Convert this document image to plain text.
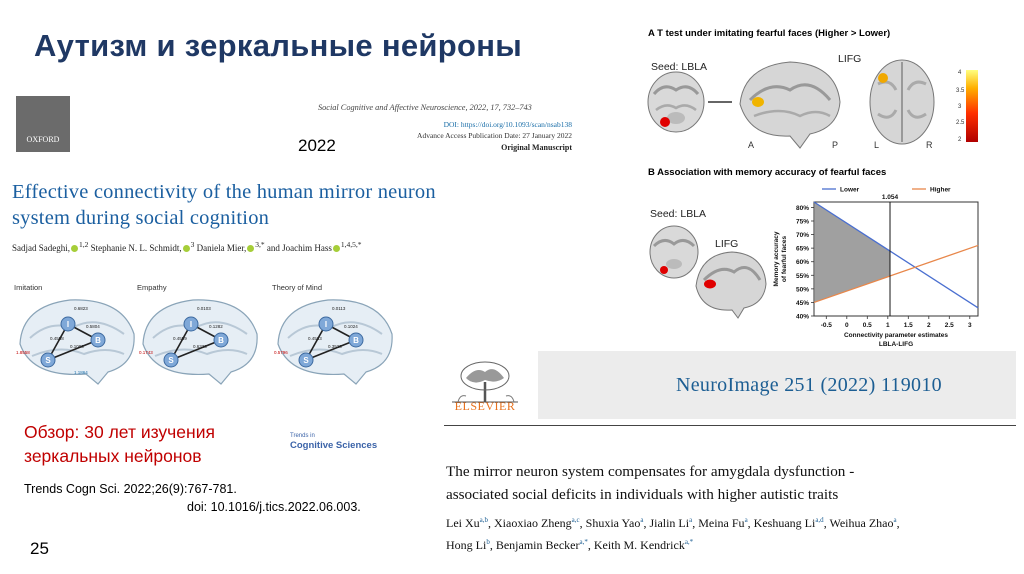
Аутизм и зеркальные нейроны
OXFORD
Social Cognitive and Affective Neuroscience, 2022, 17, 732–743
DOI: https://doi.org/10.1093/scan/nsab138
Advance Access Publication Date: 27 January 2022
Original Manuscript
2022
Effective connectivity of the human mirror neuron
system during social cognition
Sadjad Sadeghi, $^{1,2}$ Stephanie N. L. Schmidt, $^3$ Daniela Mier, $^{3,*}$ and Joachim Hass $^{1,4,5,*}$
Imitation
0.4558
0.5804
0.1003
0.6823
1.8558
1.1864
I
S
B
Empathy
0.4559
0.1282
0.6333
0.0103
0.1743
I
S
B
Theory of Mind
0.4533
0.1024
0.3523
0.0113
0.5796
I
S
B
Обзор: 30 лет изучения
зеркальных нейронов
Trends in
Cognitive Sciences
Trends Cogn Sci. 2022;26(9):767-781.
doi: 10.1016/j.tics.2022.06.003.
A T test under imitating fearful faces (Higher > Lower)
A	P	L	R
4
3.5
3
2.5
2
Seed: LBLA
LIFG
B Association with memory accuracy of fearful faces
Seed: LBLA
LIFG
1.054
40%
45%
50%
55%
60%
65%
70%
75%
80%
-0.5 0 0.5 1 1.5 2 2.5 3
Connectivity parameter estimates
LBLA-LIFG
Memory accuracy of fearful faces
Lower	Higher
ELSEVIER
NeuroImage 251 (2022) 119010
The mirror neuron system compensates for amygdala dysfunction -
associated social deficits in individuals with higher autistic traits
Lei Xu$^{a,b}$, Xiaoxiao Zheng$^{a,c}$, Shuxia Yao$^a$, Jialin Li$^a$, Meina Fu$^a$, Keshuang Li$^{a,d}$, Weihua Zhao$^a$,
Hong Li$^b$, Benjamin Becker$^{a,*}$, Keith M. Kendrick$^{a,*}$
25
